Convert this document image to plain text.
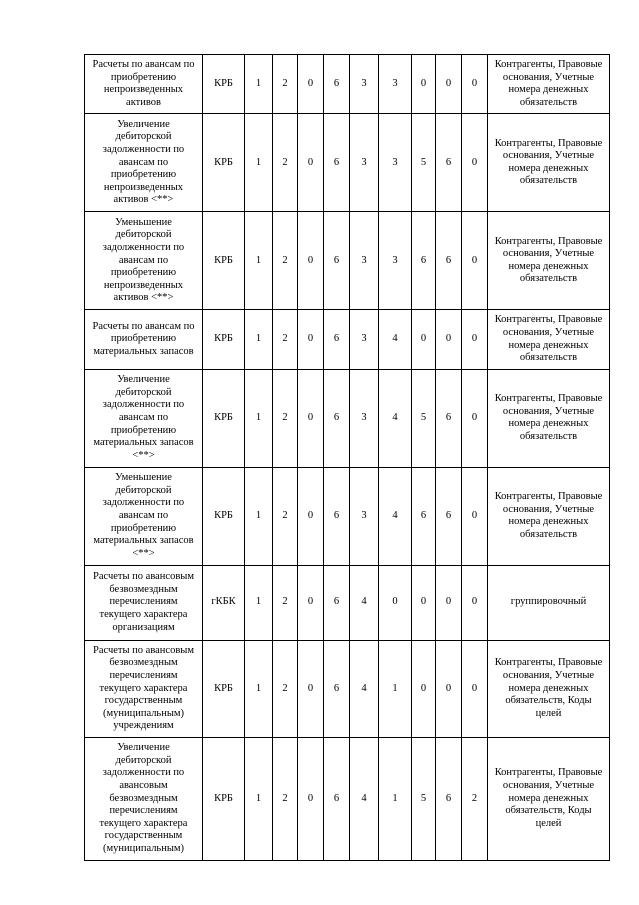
Расчеты по авансам по приобретению непроизведенных активов	КРБ	1	2	0	6	3	3	0	0	0	Контрагенты, Правовые основания, Учетные номера денежных обязательств
Увеличение дебиторской задолженности по авансам по приобретению непроизведенных активов <**>	КРБ	1	2	0	6	3	3	5	6	0	Контрагенты, Правовые основания, Учетные номера денежных обязательств
Уменьшение дебиторской задолженности по авансам по приобретению непроизведенных активов <**>	КРБ	1	2	0	6	3	3	6	6	0	Контрагенты, Правовые основания, Учетные номера денежных обязательств
Расчеты по авансам по приобретению материальных запасов	КРБ	1	2	0	6	3	4	0	0	0	Контрагенты, Правовые основания, Учетные номера денежных обязательств
Увеличение дебиторской задолженности по авансам по приобретению материальных запасов <**>	КРБ	1	2	0	6	3	4	5	6	0	Контрагенты, Правовые основания, Учетные номера денежных обязательств
Уменьшение дебиторской задолженности по авансам по приобретению материальных запасов <**>	КРБ	1	2	0	6	3	4	6	6	0	Контрагенты, Правовые основания, Учетные номера денежных обязательств
Расчеты по авансовым безвозмездным перечислениям текущего характера организациям	гКБК	1	2	0	6	4	0	0	0	0	группировочный
Расчеты по авансовым безвозмездным перечислениям текущего характера государственным (муниципальным) учреждениям	КРБ	1	2	0	6	4	1	0	0	0	Контрагенты, Правовые основания, Учетные номера денежных обязательств, Коды целей
Увеличение дебиторской задолженности по авансовым безвозмездным перечислениям текущего характера государственным (муниципальным)	КРБ	1	2	0	6	4	1	5	6	2	Контрагенты, Правовые основания, Учетные номера денежных обязательств, Коды целей
